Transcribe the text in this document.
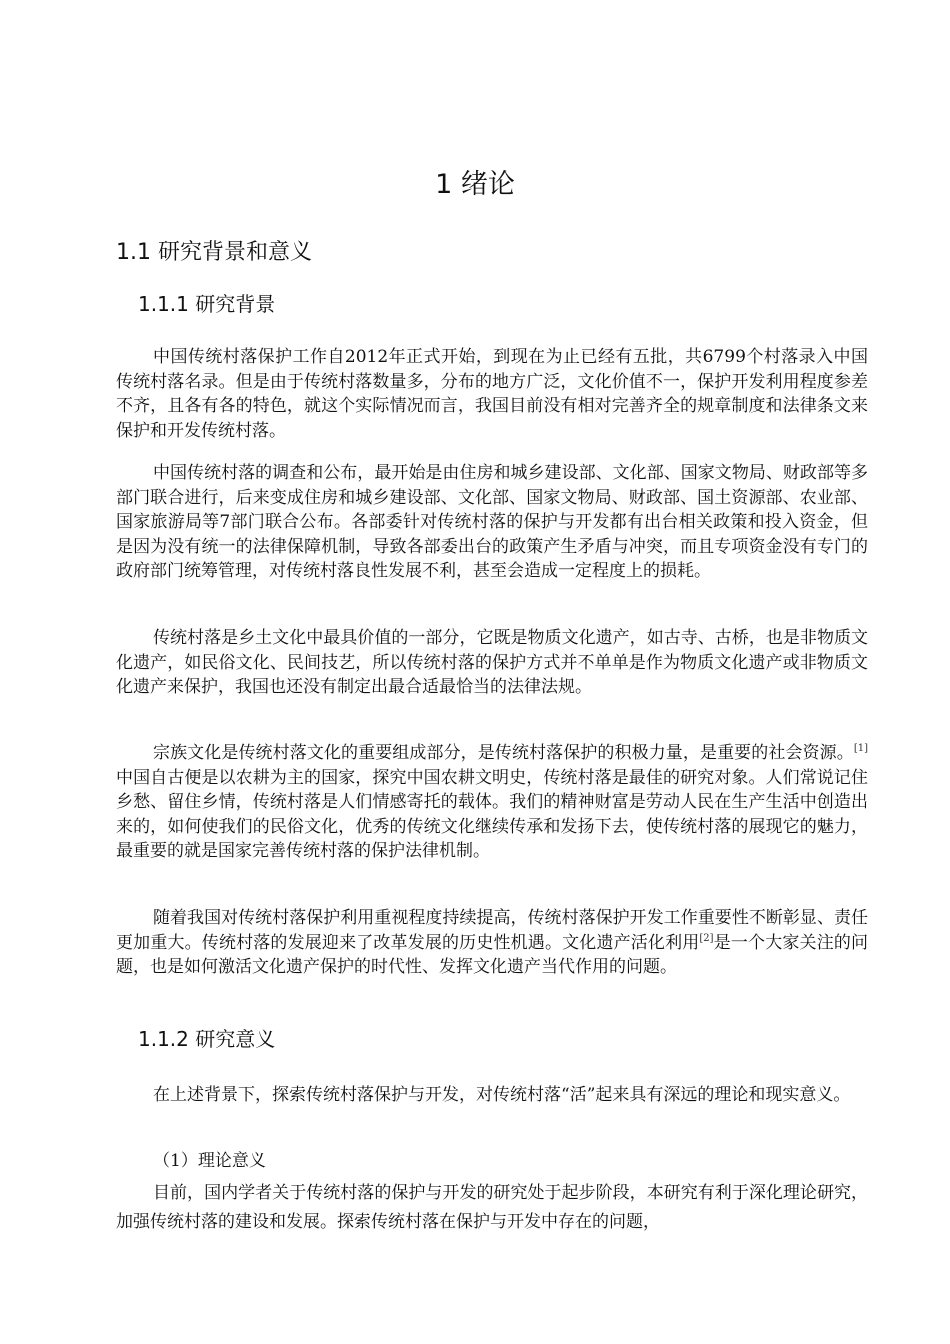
1 绪论
1.1 研究背景和意义
1.1.1 研究背景

中国传统村落保护工作自2012年正式开始，到现在为止已经有五批，共6799个村落录入中国传统村落名录。但是由于传统村落数量多，分布的地方广泛，文化价值不一，保护开发利用程度参差不齐，且各有各的特色，就这个实际情况而言，我国目前没有相对完善齐全的规章制度和法律条文来保护和开发传统村落。

中国传统村落的调查和公布，最开始是由住房和城乡建设部、文化部、国家文物局、财政部等多部门联合进行，后来变成住房和城乡建设部、文化部、国家文物局、财政部、国土资源部、农业部、国家旅游局等7部门联合公布。各部委针对传统村落的保护与开发都有出台相关政策和投入资金，但是因为没有统一的法律保障机制，导致各部委出台的政策产生矛盾与冲突，而且专项资金没有专门的政府部门统筹管理，对传统村落良性发展不利，甚至会造成一定程度上的损耗。

传统村落是乡土文化中最具价值的一部分，它既是物质文化遗产，如古寺、古桥，也是非物质文化遗产，如民俗文化、民间技艺，所以传统村落的保护方式并不单单是作为物质文化遗产或非物质文化遗产来保护，我国也还没有制定出最合适最恰当的法律法规。

宗族文化是传统村落文化的重要组成部分，是传统村落保护的积极力量，是重要的社会资源。[1] 中国自古便是以农耕为主的国家，探究中国农耕文明史，传统村落是最佳的研究对象。人们常说记住乡愁、留住乡情，传统村落是人们情感寄托的载体。我们的精神财富是劳动人民在生产生活中创造出来的，如何使我们的民俗文化，优秀的传统文化继续传承和发扬下去，使传统村落的展现它的魅力，最重要的就是国家完善传统村落的保护法律机制。

随着我国对传统村落保护利用重视程度持续提高，传统村落保护开发工作重要性不断彰显、责任更加重大。传统村落的发展迎来了改革发展的历史性机遇。文化遗产活化利用[2]是一个大家关注的问题，也是如何激活文化遗产保护的时代性、发挥文化遗产当代作用的问题。

1.1.2 研究意义

在上述背景下，探索传统村落保护与开发，对传统村落“活”起来具有深远的理论和现实意义。

（1）理论意义

目前，国内学者关于传统村落的保护与开发的研究处于起步阶段，本研究有利于深化理论研究，加强传统村落的建设和发展。探索传统村落在保护与开发中存在的问题，
